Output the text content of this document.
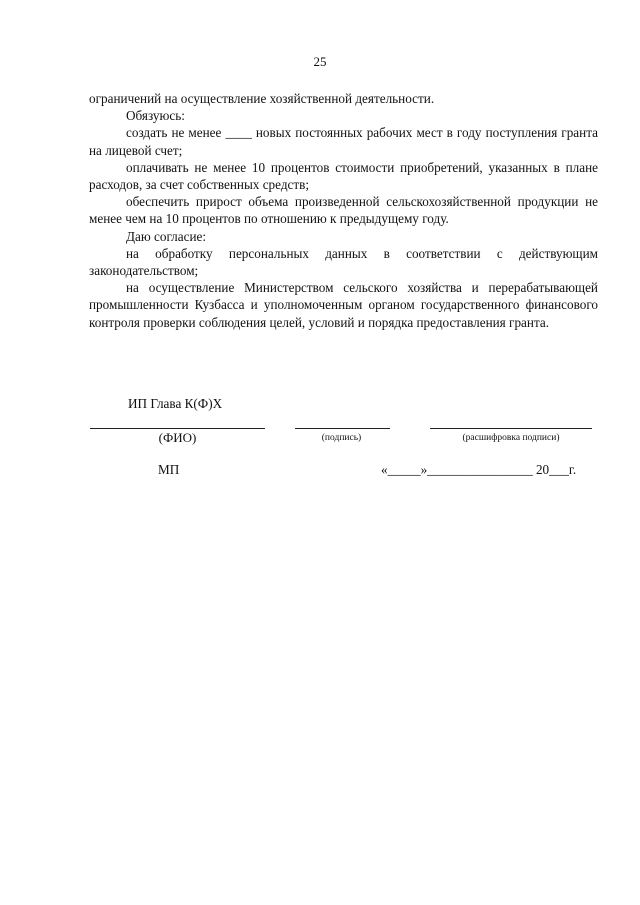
25

ограничений на осуществление хозяйственной деятельности.

Обязуюсь:

создать не менее ____ новых постоянных рабочих мест в году поступления гранта на лицевой счет;

оплачивать не менее 10 процентов стоимости приобретений, указанных в плане расходов, за счет собственных средств;

обеспечить прирост объема произведенной сельскохозяйственной продукции не менее чем на 10 процентов по отношению к предыдущему году.

Даю согласие:

на обработку персональных данных в соответствии с действующим законодательством;

на осуществление Министерством сельского хозяйства и перерабатывающей промышленности Кузбасса и уполномоченным органом государственного финансового контроля проверки соблюдения целей, условий и порядка предоставления гранта.

ИП Глава К(Ф)Х
(ФИО)	(подпись)	(расшифровка подписи)
МП	«_____»________________ 20___г.
